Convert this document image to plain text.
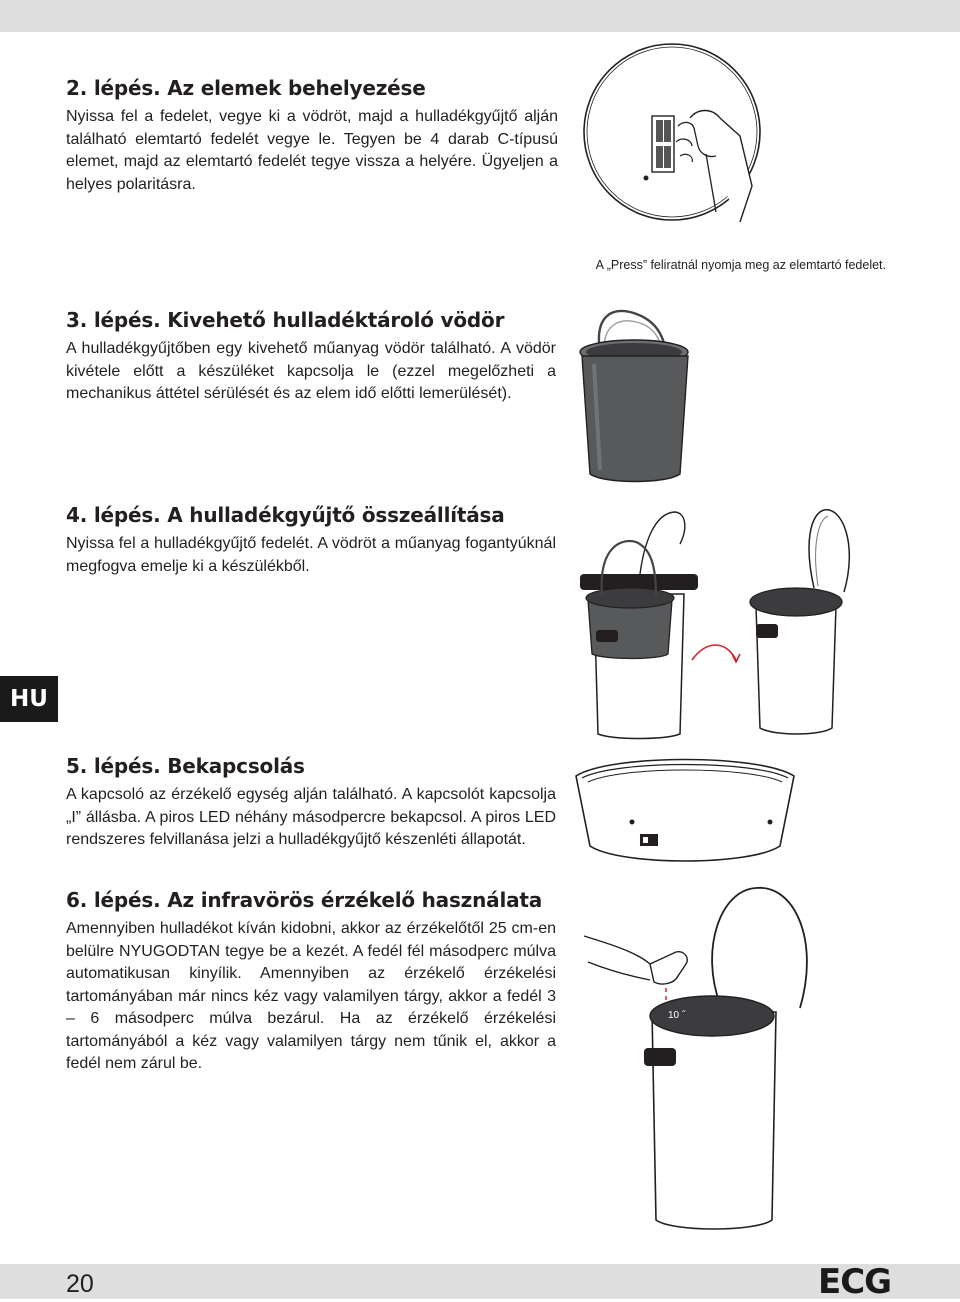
2. lépés. Az elemek behelyezése

Nyissa fel a fedelet, vegye ki a vödröt, majd a hulladékgyűjtő alján található elemtartó fedelét vegye le. Tegyen be 4 darab C-típusú elemet, majd az elemtartó fedelét tegye vissza a helyére. Ügyeljen a helyes polaritásra.

A „Press” feliratnál nyomja meg az elemtartó fedelet.
3. lépés. Kivehető hulladéktároló vödör

A hulladékgyűjtőben egy kivehető műanyag vödör található. A vödör kivétele előtt a készüléket kapcsolja le (ezzel megelőzheti a mechanikus áttétel sérülését és az elem idő előtti lemerülését).

4. lépés. A hulladékgyűjtő összeállítása

Nyissa fel a hulladékgyűjtő fedelét. A vödröt a műanyag fogantyúknál megfogva emelje ki a készülékből.

HU
5. lépés. Bekapcsolás

A kapcsoló az érzékelő egység alján található. A kapcsolót kapcsolja „I” állásba. A piros LED néhány másodpercre bekapcsol. A piros LED rendszeres felvillanása jelzi a hulladékgyűjtő készenléti állapotát.

6. lépés. Az infravörös érzékelő használata

Amennyiben hulladékot kíván kidobni, akkor az érzékelőtől 25 cm-en belülre NYUGODTAN tegye be a kezét. A fedél fél másodperc múlva automatikusan kinyílik. Amennyiben az érzékelő érzékelési tartományában már nincs kéz vagy valamilyen tárgy, akkor a fedél 3 – 6 másodperc múlva bezárul. Ha az érzékelő érzékelési tartományából a kéz vagy valamilyen tárgy nem tűnik el, akkor a fedél nem zárul be.

10 ˝
20	ECG
